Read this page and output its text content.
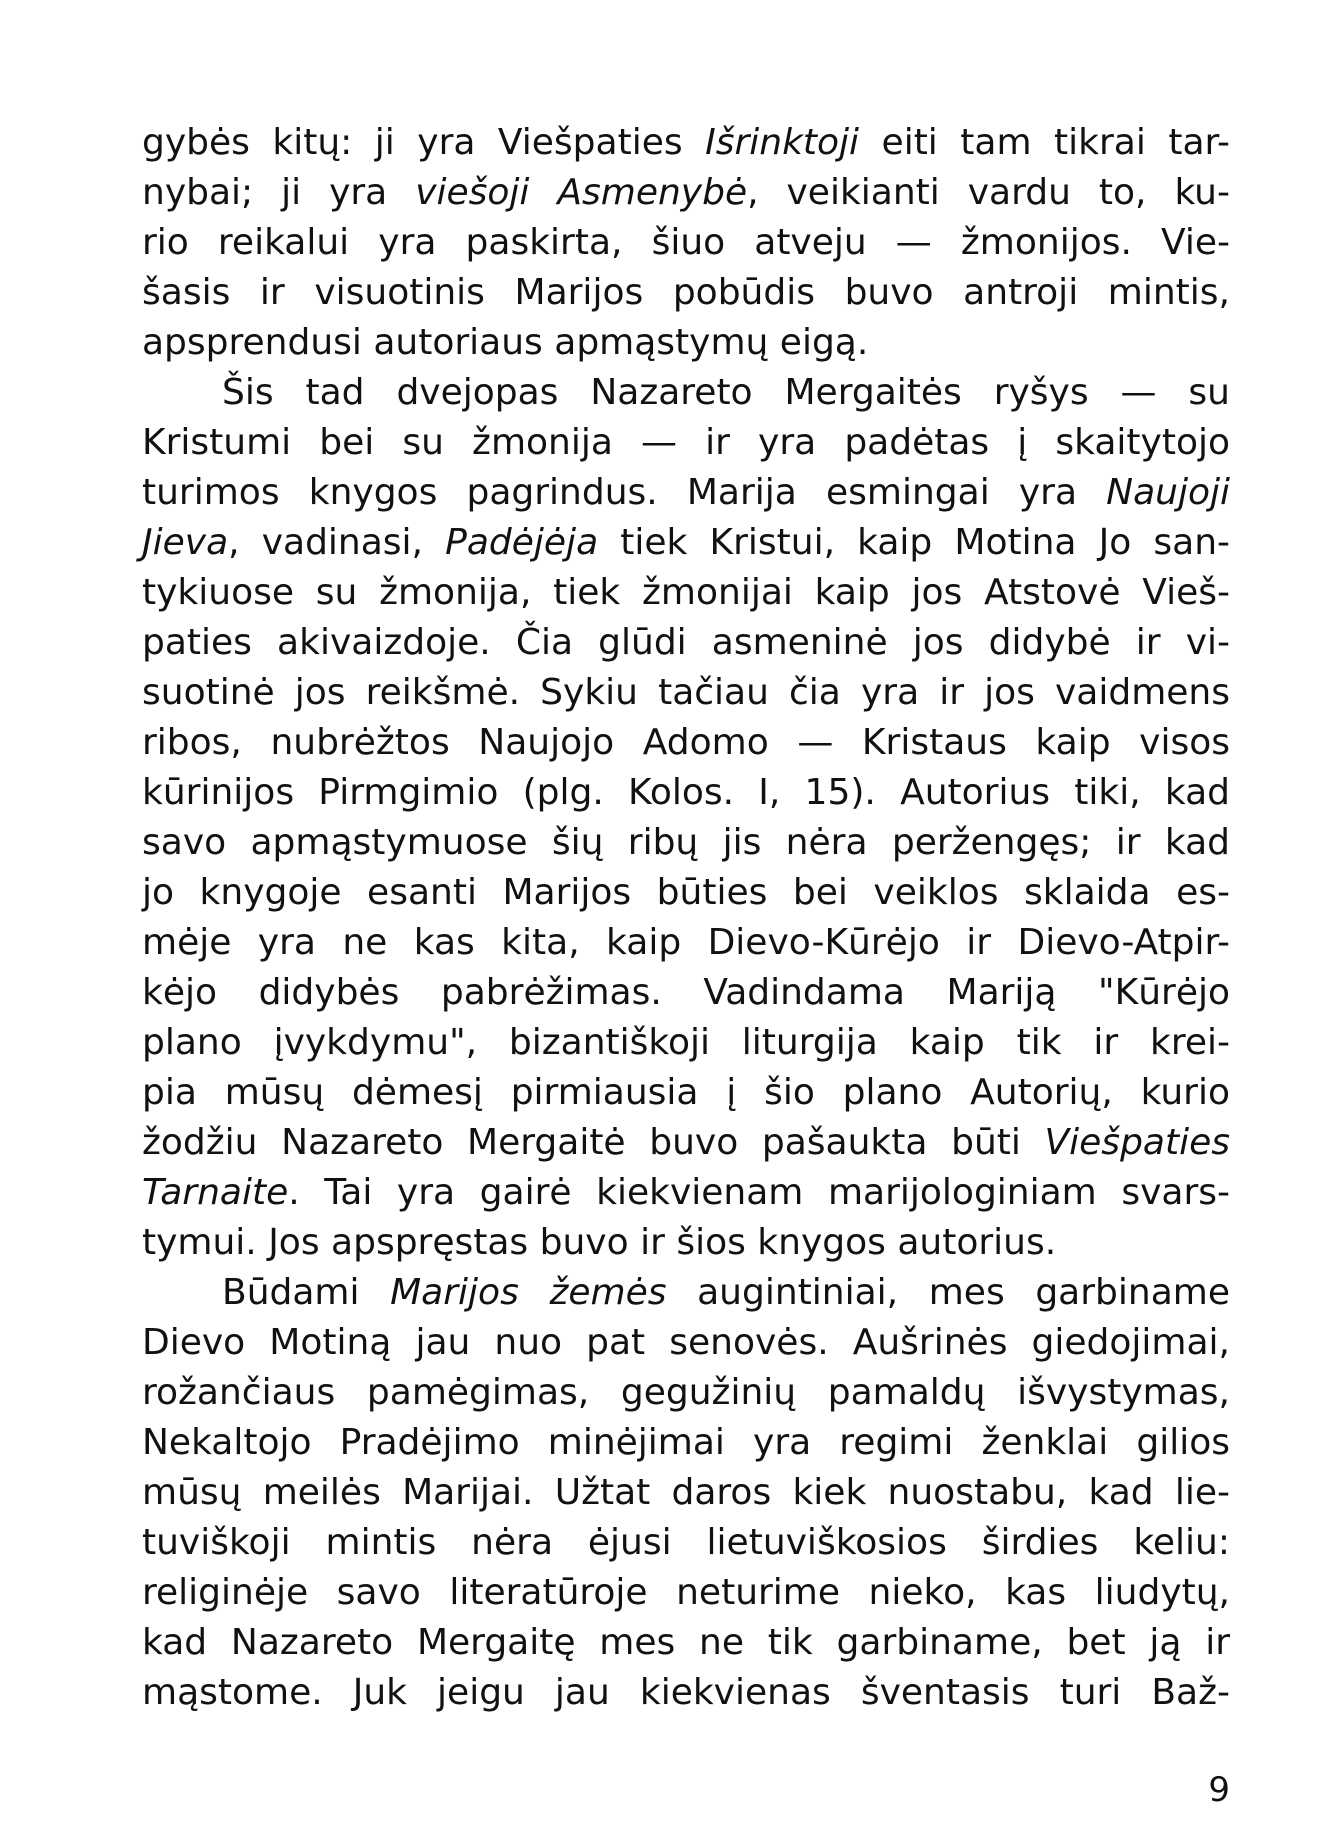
gybės kitų: ji yra Viešpaties Išrinktoji eiti tam tikrai tar-
nybai; ji yra viešoji Asmenybė, veikianti vardu to, ku-
rio reikalui yra paskirta, šiuo atveju — žmonijos. Vie-
šasis ir visuotinis Marijos pobūdis buvo antroji mintis,
apsprendusi autoriaus apmąstymų eigą.
Šis tad dvejopas Nazareto Mergaitės ryšys — su
Kristumi bei su žmonija — ir yra padėtas į skaitytojo
turimos knygos pagrindus. Marija esmingai yra Naujoji
Jieva, vadinasi, Padėjėja tiek Kristui, kaip Motina Jo san-
tykiuose su žmonija, tiek žmonijai kaip jos Atstovė Vieš-
paties akivaizdoje. Čia glūdi asmeninė jos didybė ir vi-
suotinė jos reikšmė. Sykiu tačiau čia yra ir jos vaidmens
ribos, nubrėžtos Naujojo Adomo — Kristaus kaip visos
kūrinijos Pirmgimio (plg. Kolos. I, 15). Autorius tiki, kad
savo apmąstymuose šių ribų jis nėra peržengęs; ir kad
jo knygoje esanti Marijos būties bei veiklos sklaida es-
mėje yra ne kas kita, kaip Dievo-Kūrėjo ir Dievo-Atpir-
kėjo didybės pabrėžimas. Vadindama Mariją "Kūrėjo
plano įvykdymu", bizantiškoji liturgija kaip tik ir krei-
pia mūsų dėmesį pirmiausia į šio plano Autorių, kurio
žodžiu Nazareto Mergaitė buvo pašaukta būti Viešpaties
Tarnaite. Tai yra gairė kiekvienam marijologiniam svars-
tymui. Jos apspręstas buvo ir šios knygos autorius.
Būdami Marijos žemės augintiniai, mes garbiname
Dievo Motiną jau nuo pat senovės. Aušrinės giedojimai,
rožančiaus pamėgimas, gegužinių pamaldų išvystymas,
Nekaltojo Pradėjimo minėjimai yra regimi ženklai gilios
mūsų meilės Marijai. Užtat daros kiek nuostabu, kad lie-
tuviškoji mintis nėra ėjusi lietuviškosios širdies keliu:
religinėje savo literatūroje neturime nieko, kas liudytų,
kad Nazareto Mergaitę mes ne tik garbiname, bet ją ir
mąstome. Juk jeigu jau kiekvienas šventasis turi Baž-
9
